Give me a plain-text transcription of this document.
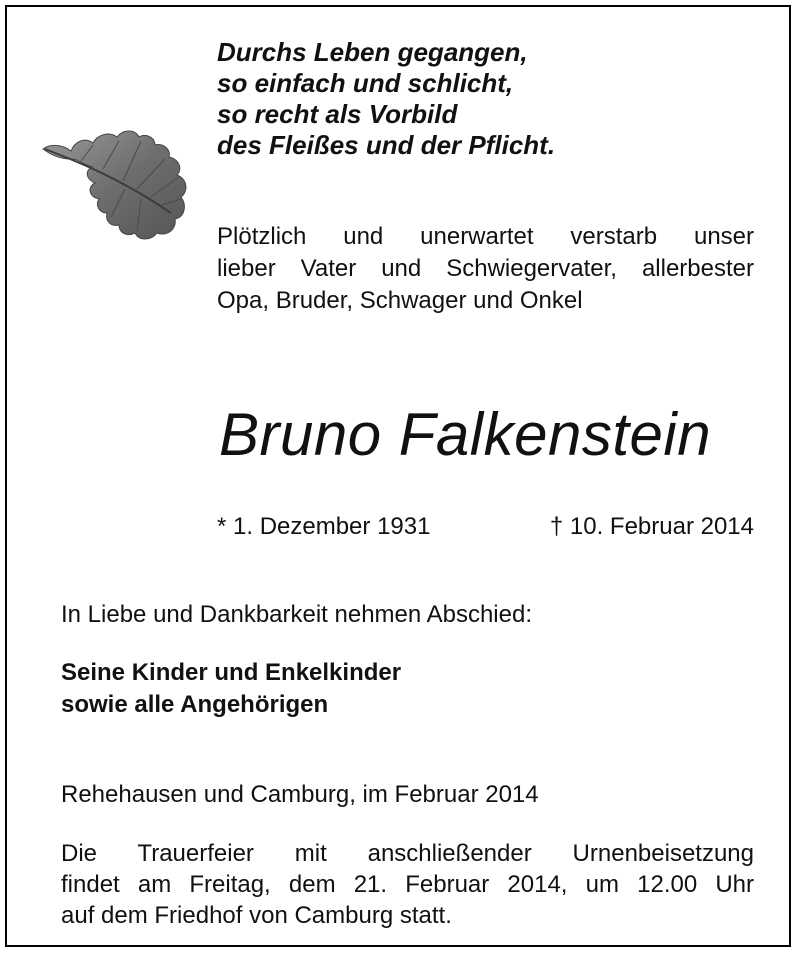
Durchs Leben gegangen,
so einfach und schlicht,
so recht als Vorbild
des Fleißes und der Pflicht.
Plötzlich und unerwartet verstarb unser
lieber Vater und Schwiegervater, allerbester
Opa, Bruder, Schwager und Onkel
Bruno Falkenstein
* 1. Dezember 1931	† 10. Februar 2014
In Liebe und Dankbarkeit nehmen Abschied:
Seine Kinder und Enkelkinder
sowie alle Angehörigen
Rehehausen und Camburg, im Februar 2014
Die Trauerfeier mit anschließender Urnenbeisetzung
findet am Freitag, dem 21. Februar 2014, um 12.00 Uhr
auf dem Friedhof von Camburg statt.
